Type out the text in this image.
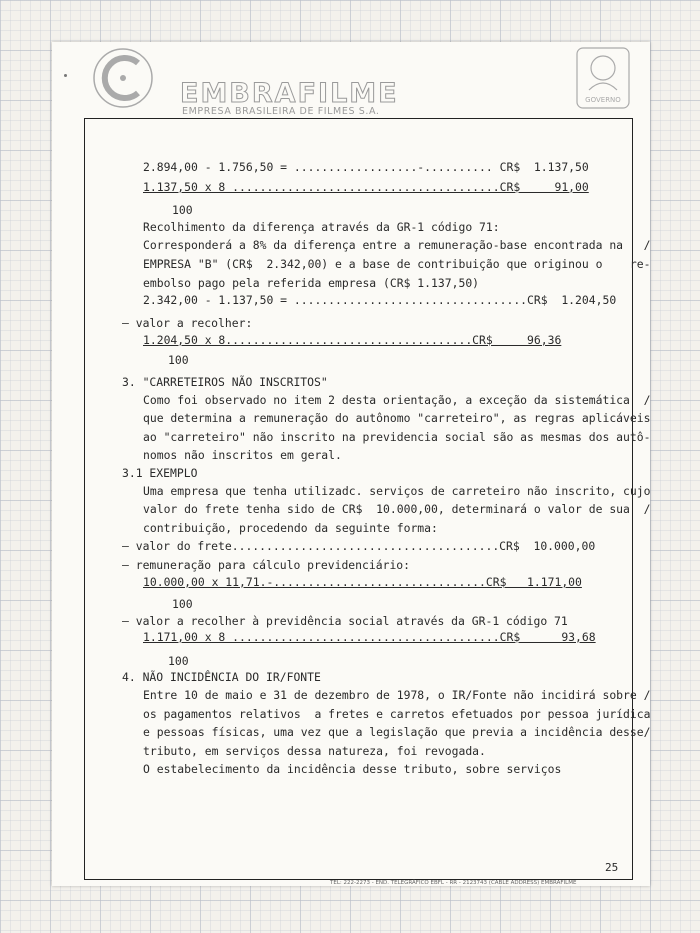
EMBRAFILME
EMPRESA BRASILEIRA DE FILMES S.A.
GOVERNO
2.894,00 - 1.756,50 = ..................-.......... CR$  1.137,50
1.137,50 x 8 .......................................CR$     91,00
100
Recolhimento da diferença através da GR-1 código 71:
Corresponderá a 8% da diferença entre a remuneração-base encontrada na   /
EMPRESA "B" (CR$  2.342,00) e a base de contribuição que originou o    re-
embolso pago pela referida empresa (CR$ 1.137,50)
2.342,00 - 1.137,50 = ..................................CR$  1.204,50
– valor a recolher:
1.204,50 x 8....................................CR$     96,36
100
3. "CARRETEIROS NÃO INSCRITOS"
Como foi observado no item 2 desta orientação, a exceção da sistemática  /
que determina a remuneração do autônomo "carreteiro", as regras aplicáveis
ao "carreteiro" não inscrito na previdencia social são as mesmas dos autô-
nomos não inscritos em geral.
3.1 EXEMPLO
Uma empresa que tenha utilizadc. serviços de carreteiro não inscrito, cujo
valor do frete tenha sido de CR$  10.000,00, determinará o valor de sua  /
contribuição, procedendo da seguinte forma:
– valor do frete.......................................CR$  10.000,00
– remuneração para cálculo previdenciário:
10.000,00 x 11,71.-...............................CR$   1.171,00
100
– valor a recolher à previdência social através da GR-1 código 71
1.171,00 x 8 .......................................CR$      93,68
100
4. NÃO INCIDÊNCIA DO IR/FONTE
Entre 10 de maio e 31 de dezembro de 1978, o IR/Fonte não incidirá sobre /
os pagamentos relativos  a fretes e carretos efetuados por pessoa jurídica
e pessoas físicas, uma vez que a legislação que previa a incidência desse/
tributo, em serviços dessa natureza, foi revogada.
O estabelecimento da incidência desse tributo, sobre serviços
25
TEL: 222-2273 - END. TELEGRÁFICO EBFL - RR - 2123743 (CABLE ADDRESS) EMBRAFILME
